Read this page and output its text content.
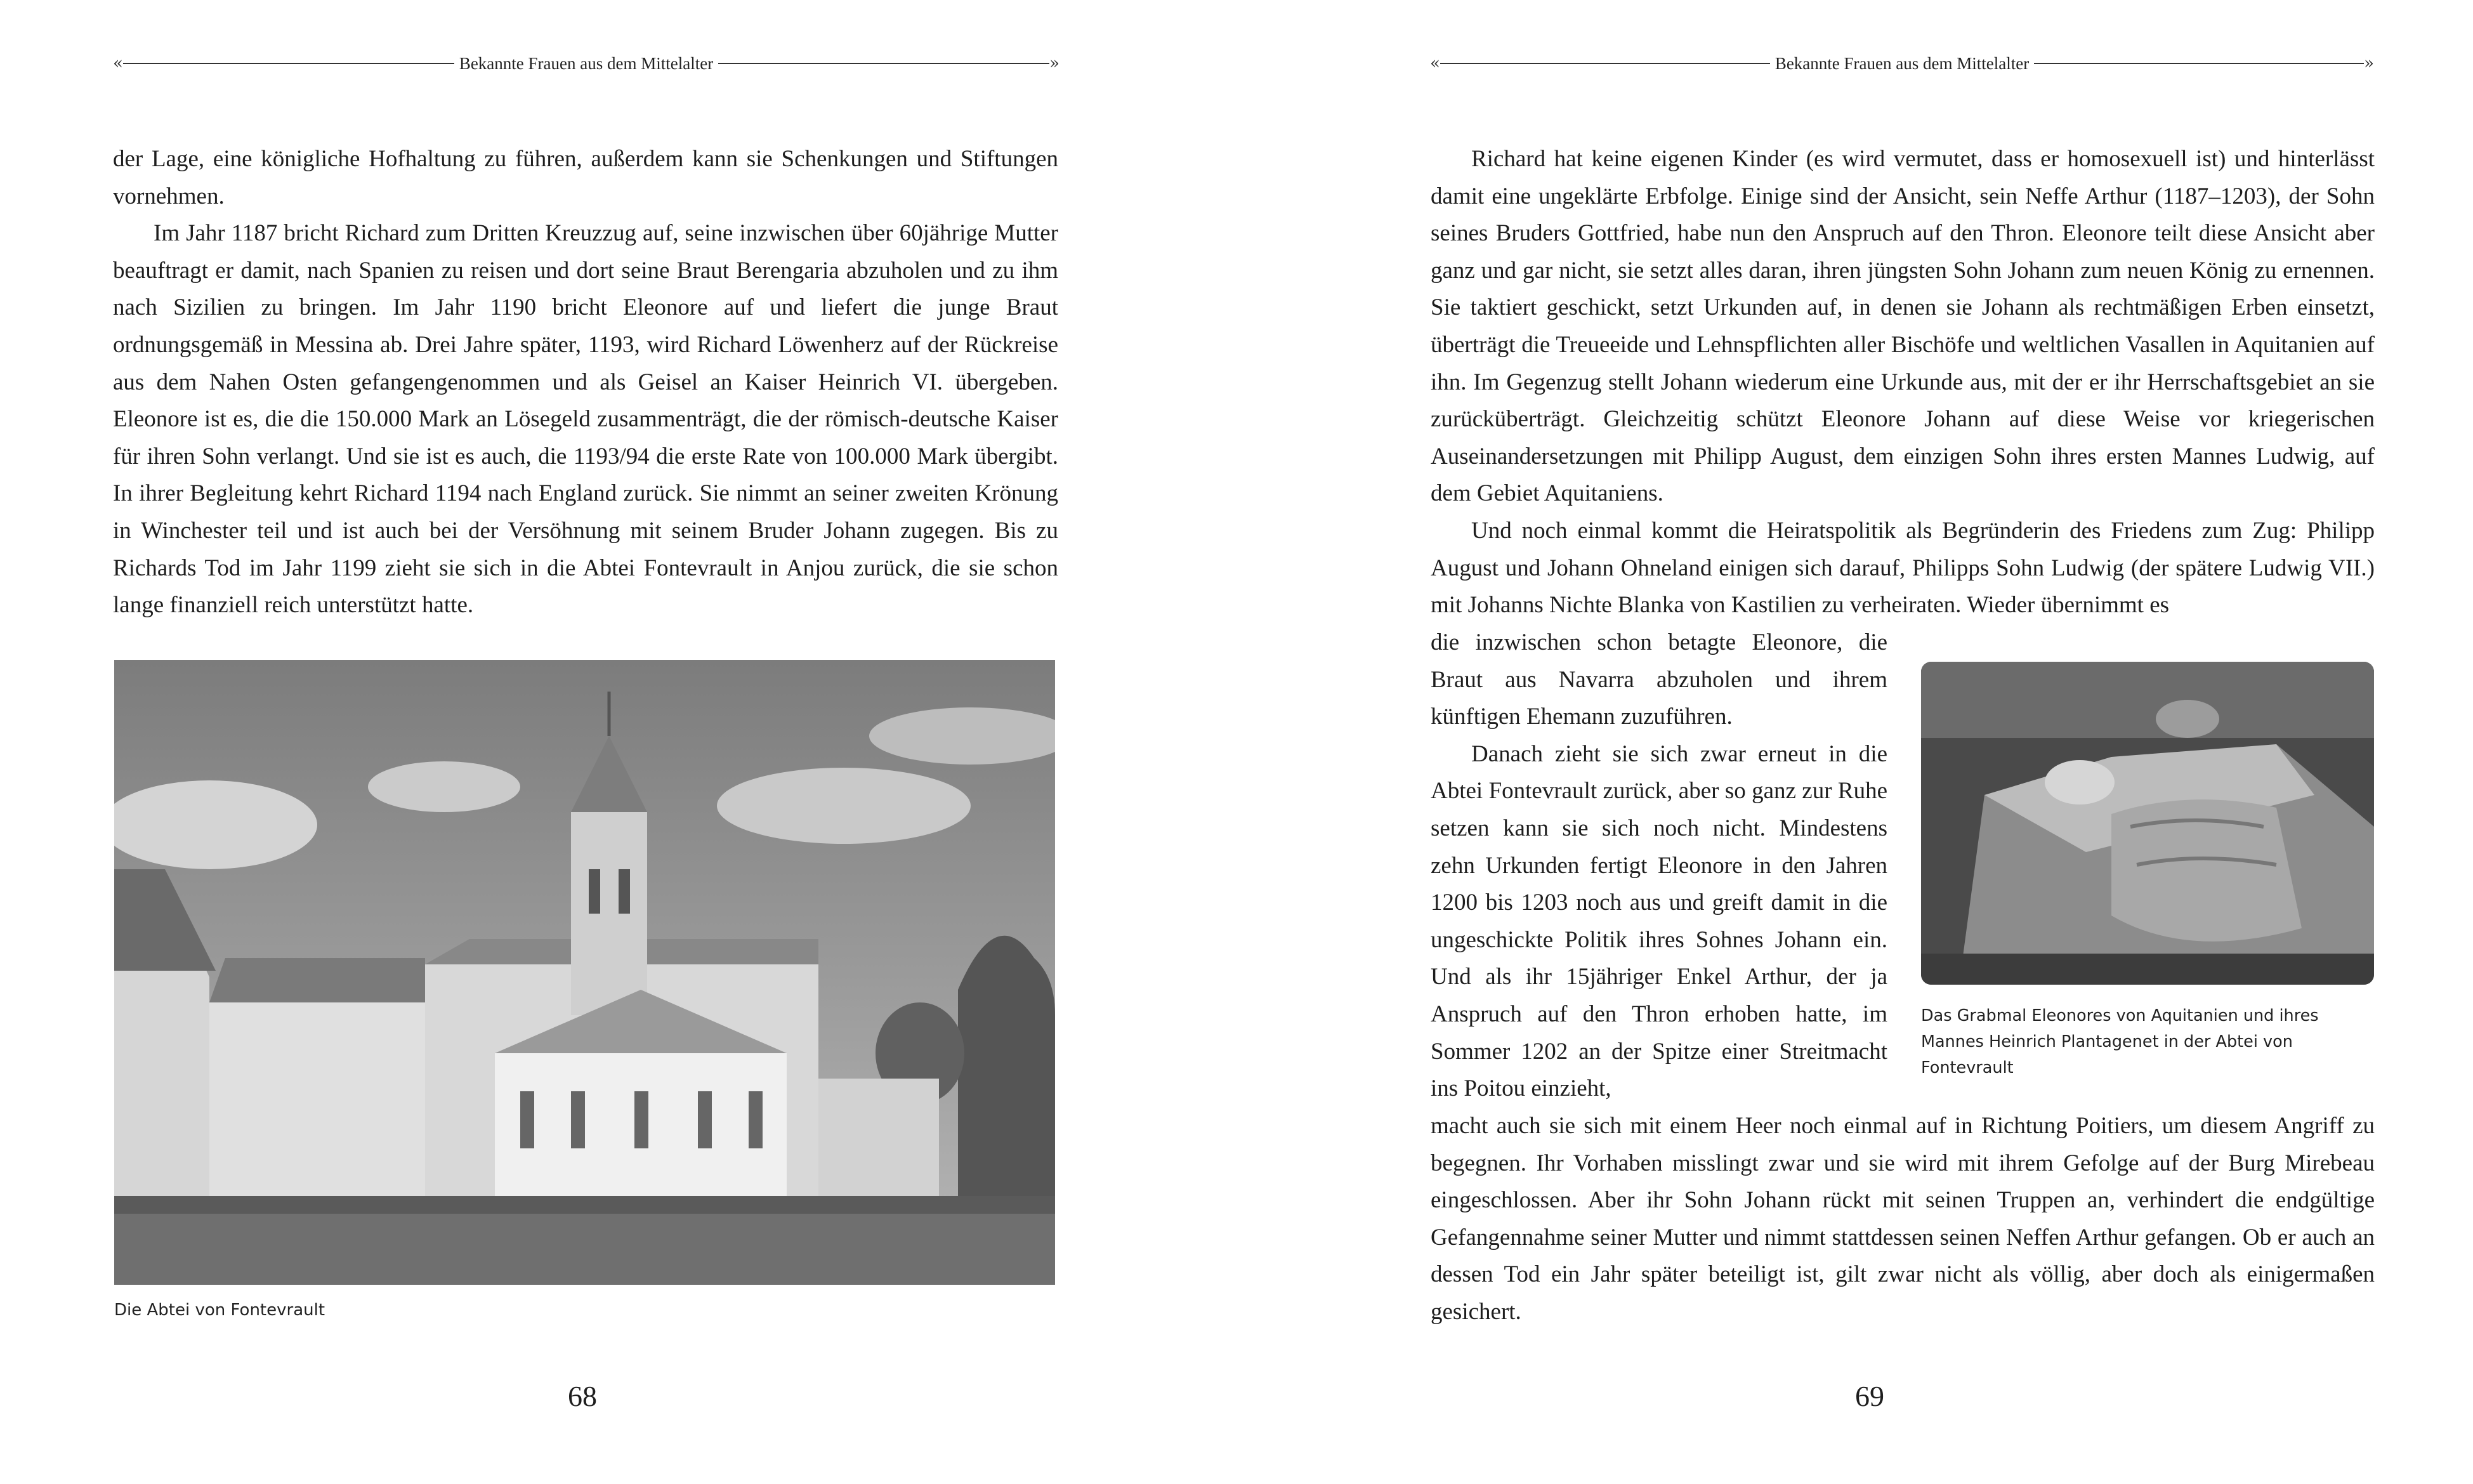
«	Bekannte Frauen aus dem Mittelalter	»

der Lage, eine königliche Hofhaltung zu führen, außerdem kann sie Schenkungen und Stiftungen vornehmen.

Im Jahr 1187 bricht Richard zum Dritten Kreuzzug auf, seine inzwischen über 60jährige Mutter beauftragt er damit, nach Spanien zu reisen und dort seine Braut Berengaria abzuholen und zu ihm nach Sizilien zu bringen. Im Jahr 1190 bricht Eleonore auf und liefert die junge Braut ordnungsgemäß in Messina ab. Drei Jahre später, 1193, wird Richard Löwenherz auf der Rückreise aus dem Nahen Osten gefangengenommen und als Geisel an Kaiser Heinrich VI. übergeben. Eleonore ist es, die die 150.000 Mark an Lösegeld zusammenträgt, die der römisch-deutsche Kaiser für ihren Sohn verlangt. Und sie ist es auch, die 1193/94 die erste Rate von 100.000 Mark übergibt. In ihrer Begleitung kehrt Richard 1194 nach England zurück. Sie nimmt an seiner zweiten Krönung in Winchester teil und ist auch bei der Versöhnung mit seinem Bruder Johann zugegen. Bis zu Richards Tod im Jahr 1199 zieht sie sich in die Abtei Fontevrault in Anjou zurück, die sie schon lange finanziell reich unterstützt hatte.

Die Abtei von Fontevrault
68
«	Bekannte Frauen aus dem Mittelalter	»
69

Richard hat keine eigenen Kinder (es wird vermutet, dass er homosexuell ist) und hinterlässt damit eine ungeklärte Erbfolge. Einige sind der Ansicht, sein Neffe Arthur (1187–1203), der Sohn seines Bruders Gottfried, habe nun den Anspruch auf den Thron. Eleonore teilt diese Ansicht aber ganz und gar nicht, sie setzt alles daran, ihren jüngsten Sohn Johann zum neuen König zu ernennen. Sie taktiert geschickt, setzt Urkunden auf, in denen sie Johann als rechtmäßigen Erben einsetzt, überträgt die Treueeide und Lehnspflichten aller Bischöfe und weltlichen Vasallen in Aquitanien auf ihn. Im Gegenzug stellt Johann wiederum eine Urkunde aus, mit der er ihr Herrschaftsgebiet an sie zurücküberträgt. Gleichzeitig schützt Eleonore Johann auf diese Weise vor kriegerischen Auseinandersetzungen mit Philipp August, dem einzigen Sohn ihres ersten Mannes Ludwig, auf dem Gebiet Aquitaniens.

Und noch einmal kommt die Heiratspolitik als Begründerin des Friedens zum Zug: Philipp August und Johann Ohneland einigen sich darauf, Philipps Sohn Ludwig (der spätere Ludwig VII.) mit Johanns Nichte Blanka von Kastilien zu verheiraten. Wieder übernimmt es

die inzwischen schon betagte Eleonore, die Braut aus Navarra abzuholen und ihrem künftigen Ehemann zuzuführen.

Danach zieht sie sich zwar erneut in die Abtei Fontevrault zurück, aber so ganz zur Ruhe setzen kann sie sich noch nicht. Mindestens zehn Urkunden fertigt Eleonore in den Jahren 1200 bis 1203 noch aus und greift damit in die ungeschickte Politik ihres Sohnes Johann ein. Und als ihr 15jähriger Enkel Arthur, der ja Anspruch auf den Thron erhoben hatte, im Sommer 1202 an der Spitze einer Streitmacht ins Poitou einzieht,

Das Grabmal Eleonores von Aquitanien und ihres Mannes Heinrich Plantagenet in der Abtei von Fontevrault

macht auch sie sich mit einem Heer noch einmal auf in Richtung Poitiers, um diesem Angriff zu begegnen. Ihr Vorhaben misslingt zwar und sie wird mit ihrem Gefolge auf der Burg Mirebeau eingeschlossen. Aber ihr Sohn Johann rückt mit seinen Truppen an, verhindert die endgültige Gefangennahme seiner Mutter und nimmt stattdessen seinen Neffen Arthur gefangen. Ob er auch an dessen Tod ein Jahr später beteiligt ist, gilt zwar nicht als völlig, aber doch als einigermaßen gesichert.
